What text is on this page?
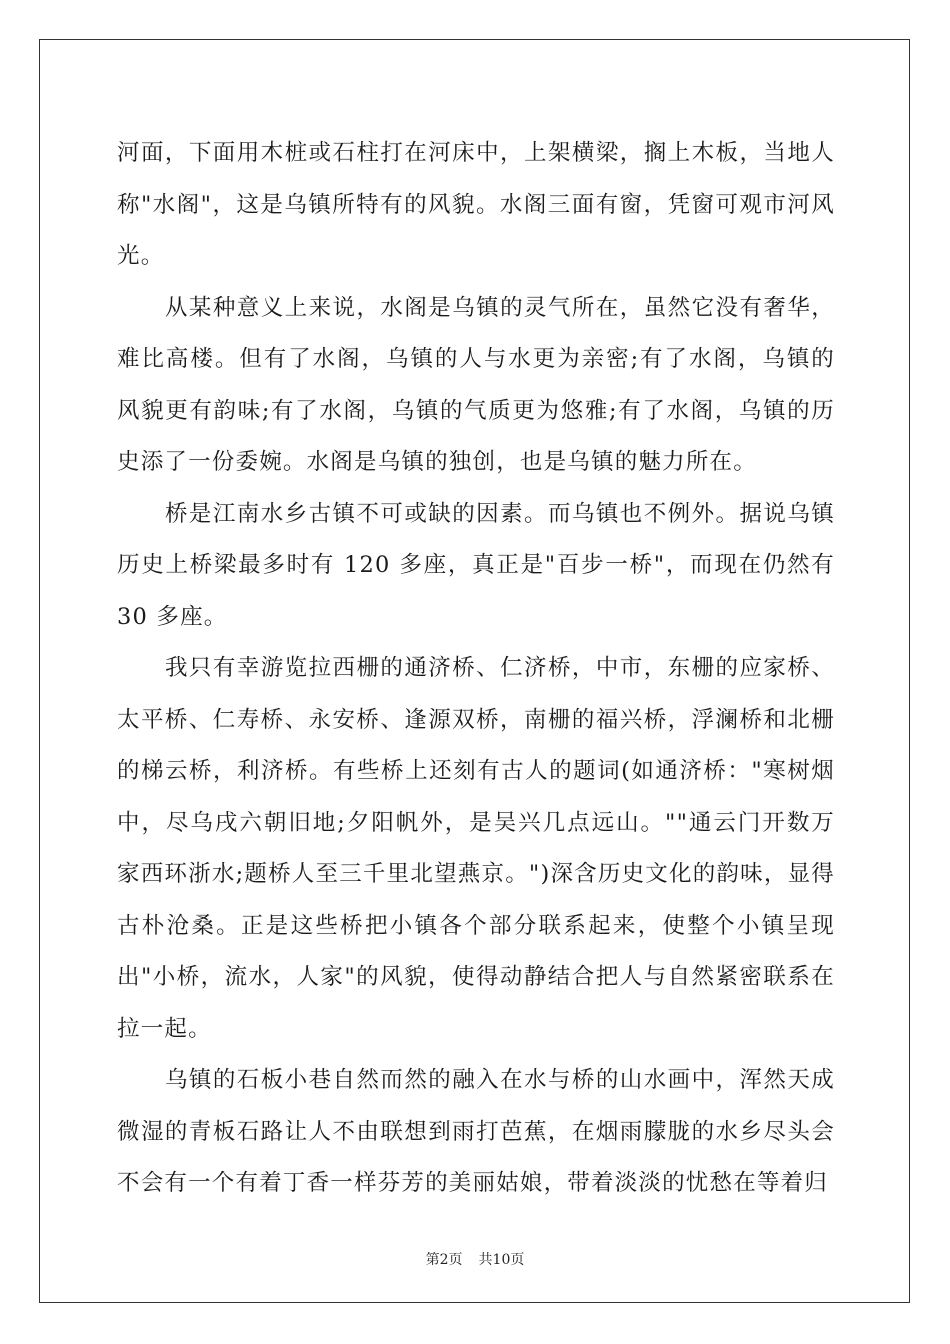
河面，下面用木桩或石柱打在河床中，上架横梁，搁上木板，当地人称"水阁"，这是乌镇所特有的风貌。水阁三面有窗，凭窗可观市河风光。

从某种意义上来说，水阁是乌镇的灵气所在，虽然它没有奢华，难比高楼。但有了水阁，乌镇的人与水更为亲密;有了水阁，乌镇的风貌更有韵味;有了水阁，乌镇的气质更为悠雅;有了水阁，乌镇的历史添了一份委婉。水阁是乌镇的独创，也是乌镇的魅力所在。

桥是江南水乡古镇不可或缺的因素。而乌镇也不例外。据说乌镇历史上桥梁最多时有 120 多座，真正是"百步一桥"，而现在仍然有 30 多座。

我只有幸游览拉西栅的通济桥、仁济桥，中市，东栅的应家桥、太平桥、仁寿桥、永安桥、逢源双桥，南栅的福兴桥，浮澜桥和北栅的梯云桥，利济桥。有些桥上还刻有古人的题词(如通济桥："寒树烟中，尽乌戌六朝旧地;夕阳帆外，是吴兴几点远山。""通云门开数万家西环浙水;题桥人至三千里北望燕京。")深含历史文化的韵味，显得古朴沧桑。正是这些桥把小镇各个部分联系起来，使整个小镇呈现出"小桥，流水，人家"的风貌，使得动静结合把人与自然紧密联系在拉一起。

乌镇的石板小巷自然而然的融入在水与桥的山水画中，浑然天成微湿的青板石路让人不由联想到雨打芭蕉，在烟雨朦胧的水乡尽头会不会有一个有着丁香一样芬芳的美丽姑娘，带着淡淡的忧愁在等着归

第2页 共10页
